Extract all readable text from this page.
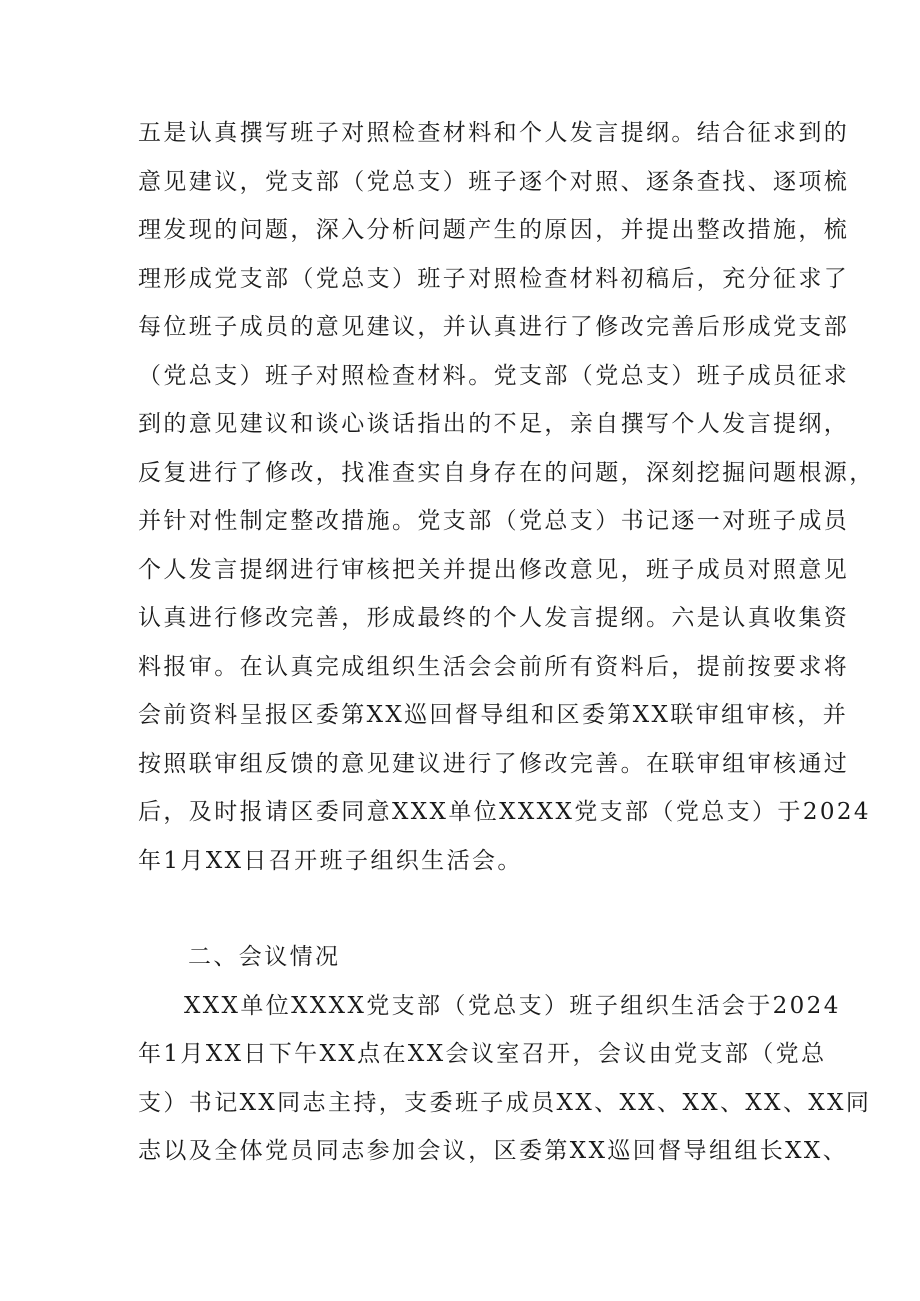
五是认真撰写班子对照检查材料和个人发言提纲。结合征求到的
意见建议，党支部（党总支）班子逐个对照、逐条查找、逐项梳
理发现的问题，深入分析问题产生的原因，并提出整改措施，梳
理形成党支部（党总支）班子对照检查材料初稿后，充分征求了
每位班子成员的意见建议，并认真进行了修改完善后形成党支部
（党总支）班子对照检查材料。党支部（党总支）班子成员征求
到的意见建议和谈心谈话指出的不足，亲自撰写个人发言提纲，
反复进行了修改，找准查实自身存在的问题，深刻挖掘问题根源，
并针对性制定整改措施。党支部（党总支）书记逐一对班子成员
个人发言提纲进行审核把关并提出修改意见，班子成员对照意见
认真进行修改完善，形成最终的个人发言提纲。六是认真收集资
料报审。在认真完成组织生活会会前所有资料后，提前按要求将
会前资料呈报区委第XX巡回督导组和区委第XX联审组审核，并
按照联审组反馈的意见建议进行了修改完善。在联审组审核通过
后，及时报请区委同意XXX单位XXXX党支部（党总支）于2024
年1月XX日召开班子组织生活会。
二、会议情况
XXX单位XXXX党支部（党总支）班子组织生活会于2024
年1月XX日下午XX点在XX会议室召开，会议由党支部（党总
支）书记XX同志主持，支委班子成员XX、XX、XX、XX、XX同
志以及全体党员同志参加会议，区委第XX巡回督导组组长XX、
